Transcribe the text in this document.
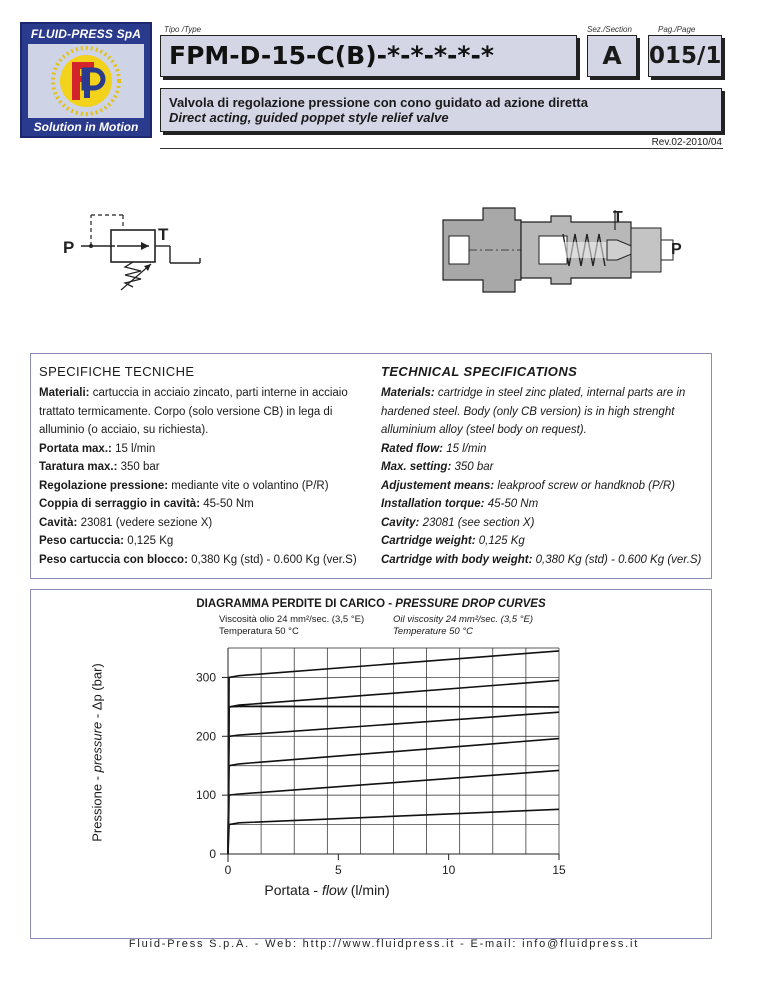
FLUID-PRESS SpA
Solution in Motion
Tipo /Type
FPM-D-15-C(B)-*-*-*-*-*
Sez./Section
A
Pag./Page
015/1
Valvola di regolazione pressione con cono guidato ad azione diretta
Direct acting, guided poppet style relief valve
Rev.02-2010/04
P
T
T
P
SPECIFICHE TECNICHE
Materiali: cartuccia in acciaio zincato, parti interne in acciaio trattato termicamente. Corpo (solo versione CB) in lega di alluminio (o acciaio, su richiesta).
Portata max.: 15 l/min
Taratura max.: 350 bar
Regolazione pressione: mediante vite o volantino (P/R)
Coppia di serraggio in cavità: 45-50 Nm
Cavità: 23081 (vedere sezione X)
Peso cartuccia: 0,125 Kg
Peso cartuccia con blocco: 0,380 Kg (std) - 0.600 Kg (ver.S)
TECHNICAL SPECIFICATIONS
Materials: cartridge in steel zinc plated, internal parts are in hardened steel. Body (only CB version) is in high strenght alluminium alloy (steel body on request).
Rated flow: 15 l/min
Max. setting: 350 bar
Adjustement means: leakproof screw or handknob (P/R)
Installation torque: 45-50 Nm
Cavity: 23081 (see section X)
Cartridge weight: 0,125 Kg
Cartridge with body weight: 0,380 Kg (std) - 0.600 Kg (ver.S)
DIAGRAMMA PERDITE DI CARICO - PRESSURE DROP CURVES
Viscosità olio 24 mm²/sec. (3,5 °E)
Temperatura 50 °C
Oil viscosity 24 mm²/sec. (3,5 °E)
Temperature 50 °C
0	5	10	15
0
100
200
300
Portata - flow (l/min)
Pressione - pressure - Δp (bar)
Fluid-Press S.p.A. - Web: http://www.fluidpress.it - E-mail: info@fluidpress.it
